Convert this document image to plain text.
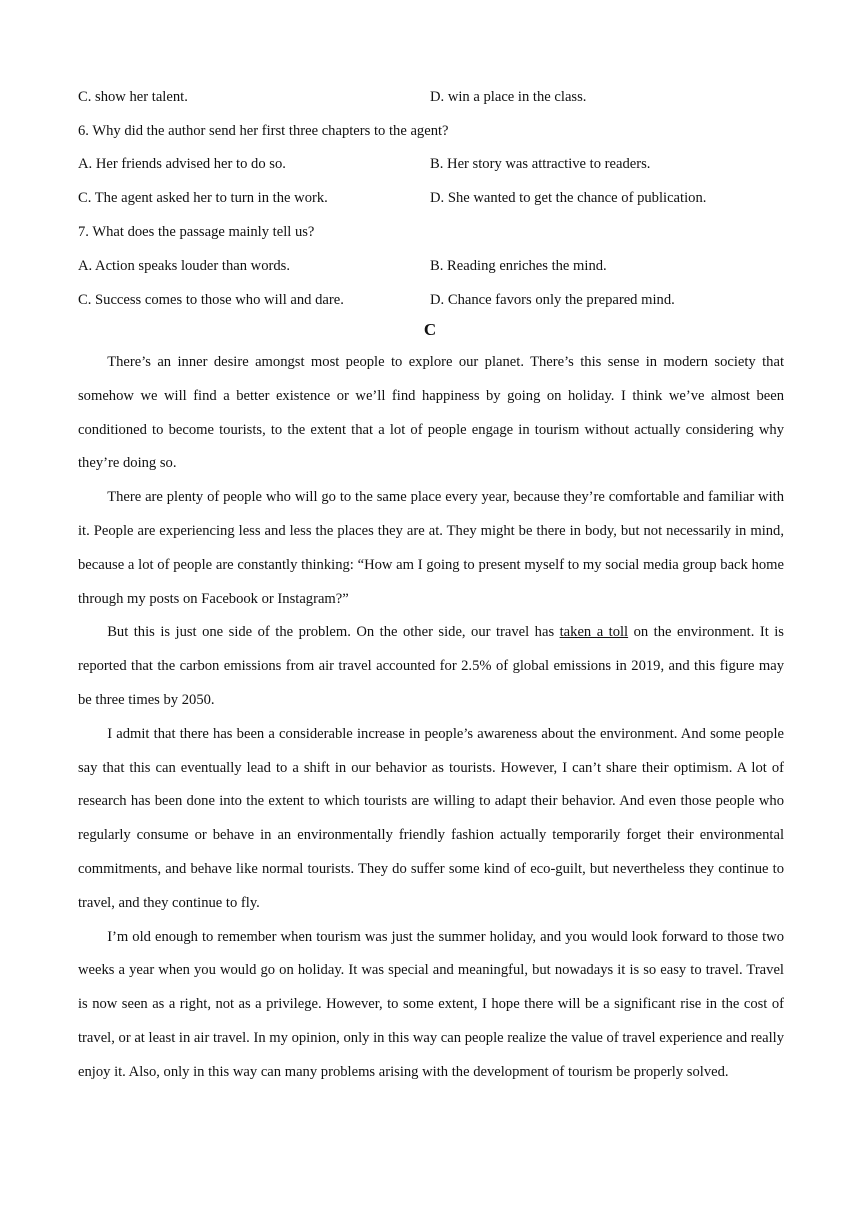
C. show her talent.	D. win a place in the class.
6. Why did the author send her first three chapters to the agent?
A. Her friends advised her to do so.	B. Her story was attractive to readers.
C. The agent asked her to turn in the work.	D. She wanted to get the chance of publication.
7. What does the passage mainly tell us?
A. Action speaks louder than words.	B. Reading enriches the mind.
C. Success comes to those who will and dare.	D. Chance favors only the prepared mind.
C

There’s an inner desire amongst most people to explore our planet. There’s this sense in modern society that somehow we will find a better existence or we’ll find happiness by going on holiday. I think we’ve almost been conditioned to become tourists, to the extent that a lot of people engage in tourism without actually considering why they’re doing so.

There are plenty of people who will go to the same place every year, because they’re comfortable and familiar with it. People are experiencing less and less the places they are at. They might be there in body, but not necessarily in mind, because a lot of people are constantly thinking: “How am I going to present myself to my social media group back home through my posts on Facebook or Instagram?”

But this is just one side of the problem. On the other side, our travel has taken a toll on the environment. It is reported that the carbon emissions from air travel accounted for 2.5% of global emissions in 2019, and this figure may be three times by 2050.

I admit that there has been a considerable increase in people’s awareness about the environment. And some people say that this can eventually lead to a shift in our behavior as tourists. However, I can’t share their optimism. A lot of research has been done into the extent to which tourists are willing to adapt their behavior. And even those people who regularly consume or behave in an environmentally friendly fashion actually temporarily forget their environmental commitments, and behave like normal tourists. They do suffer some kind of eco-guilt, but nevertheless they continue to travel, and they continue to fly.

I’m old enough to remember when tourism was just the summer holiday, and you would look forward to those two weeks a year when you would go on holiday. It was special and meaningful, but nowadays it is so easy to travel. Travel is now seen as a right, not as a privilege. However, to some extent, I hope there will be a significant rise in the cost of travel, or at least in air travel. In my opinion, only in this way can people realize the value of travel experience and really enjoy it. Also, only in this way can many problems arising with the development of tourism be properly solved.
